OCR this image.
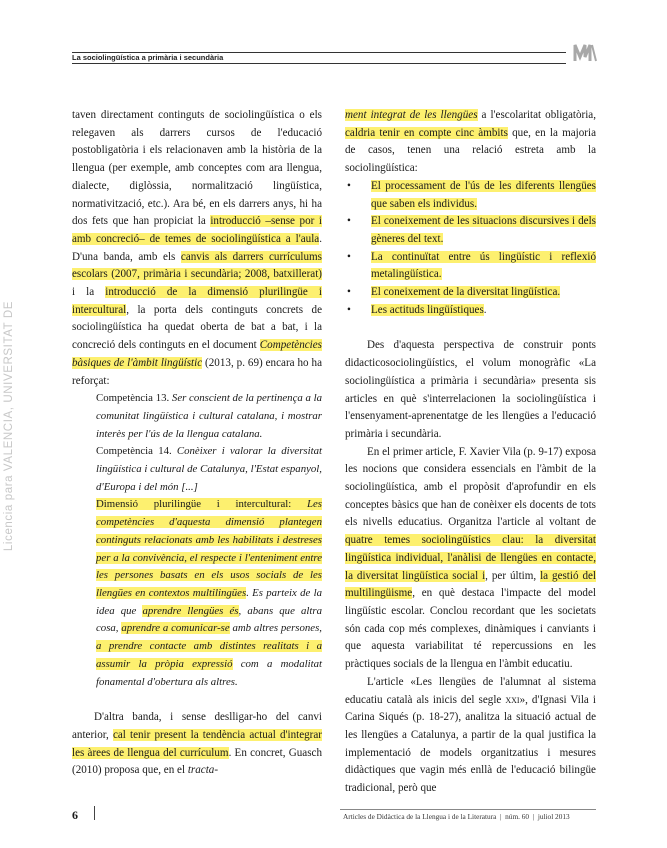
La sociolingüística a primària i secundària
Licencia para VALENCIA, UNIVERSITAT DE

taven directament continguts de sociolingüística o els relegaven als darrers cursos de l'educació postobligatòria i els relacionaven amb la història de la llengua (per exemple, amb conceptes com ara llengua, dialecte, diglòssia, normalització lingüística, normativització, etc.). Ara bé, en els darrers anys, hi ha dos fets que han propiciat la introducció –sense por i amb concreció– de temes de sociolingüística a l'aula. D'una banda, amb els canvis als darrers currículums escolars (2007, primària i secundària; 2008, batxillerat) i la introducció de la dimensió plurilingüe i intercultural, la porta dels continguts concrets de sociolingüística ha quedat oberta de bat a bat, i la concreció dels continguts en el document Competències bàsiques de l'àmbit lingüístic (2013, p. 69) encara ho ha reforçat:

Competència 13. Ser conscient de la pertinença a la comunitat lingüística i cultural catalana, i mostrar interès per l'ús de la llengua catalana.

Competència 14. Conèixer i valorar la diversitat lingüística i cultural de Catalunya, l'Estat espanyol, d'Europa i del món [...]

Dimensió plurilingüe i intercultural: Les competències d'aquesta dimensió plantegen continguts relacionats amb les habilitats i destreses per a la convivència, el respecte i l'enteniment entre les persones basats en els usos socials de les llengües en contextos multilingües. Es parteix de la idea que aprendre llengües és, abans que altra cosa, aprendre a comunicar-se amb altres persones, a prendre contacte amb distintes realitats i a assumir la pròpia expressió com a modalitat fonamental d'obertura als altres.

D'altra banda, i sense deslligar-ho del canvi anterior, cal tenir present la tendència actual d'integrar les àrees de llengua del currículum. En concret, Guasch (2010) proposa que, en el tracta-

ment integrat de les llengües a l'escolaritat obligatòria, caldria tenir en compte cinc àmbits que, en la majoria de casos, tenen una relació estreta amb la sociolingüística:

• El processament de l'ús de les diferents llengües que saben els individus.
• El coneixement de les situacions discursives i dels gèneres del text.
• La continuïtat entre ús lingüístic i reflexió metalingüística.
• El coneixement de la diversitat lingüística.
• Les actituds lingüístiques.

Des d'aquesta perspectiva de construir ponts didacticosociolingüístics, el volum monogràfic «La sociolingüística a primària i secundària» presenta sis articles en què s'interrelacionen la sociolingüística i l'ensenyament-aprenentatge de les llengües a l'educació primària i secundària.

En el primer article, F. Xavier Vila (p. 9-17) exposa les nocions que considera essencials en l'àmbit de la sociolingüística, amb el propòsit d'aprofundir en els conceptes bàsics que han de conèixer els docents de tots els nivells educatius. Organitza l'article al voltant de quatre temes sociolingüístics clau: la diversitat lingüística individual, l'anàlisi de llengües en contacte, la diversitat lingüística social i, per últim, la gestió del multilingüisme, en què destaca l'impacte del model lingüístic escolar. Conclou recordant que les societats són cada cop més complexes, dinàmiques i canviants i que aquesta variabilitat té repercussions en les pràctiques socials de la llengua en l'àmbit educatiu.

L'article «Les llengües de l'alumnat al sistema educatiu català als inicis del segle xxi», d'Ignasi Vila i Carina Siqués (p. 18-27), analitza la situació actual de les llengües a Catalunya, a partir de la qual justifica la implementació de models organitzatius i mesures didàctiques que vagin més enllà de l'educació bilingüe tradicional, però que

6	Articles de Didàctica de la Llengua i de la Literatura  |  núm. 60  |  juliol 2013
